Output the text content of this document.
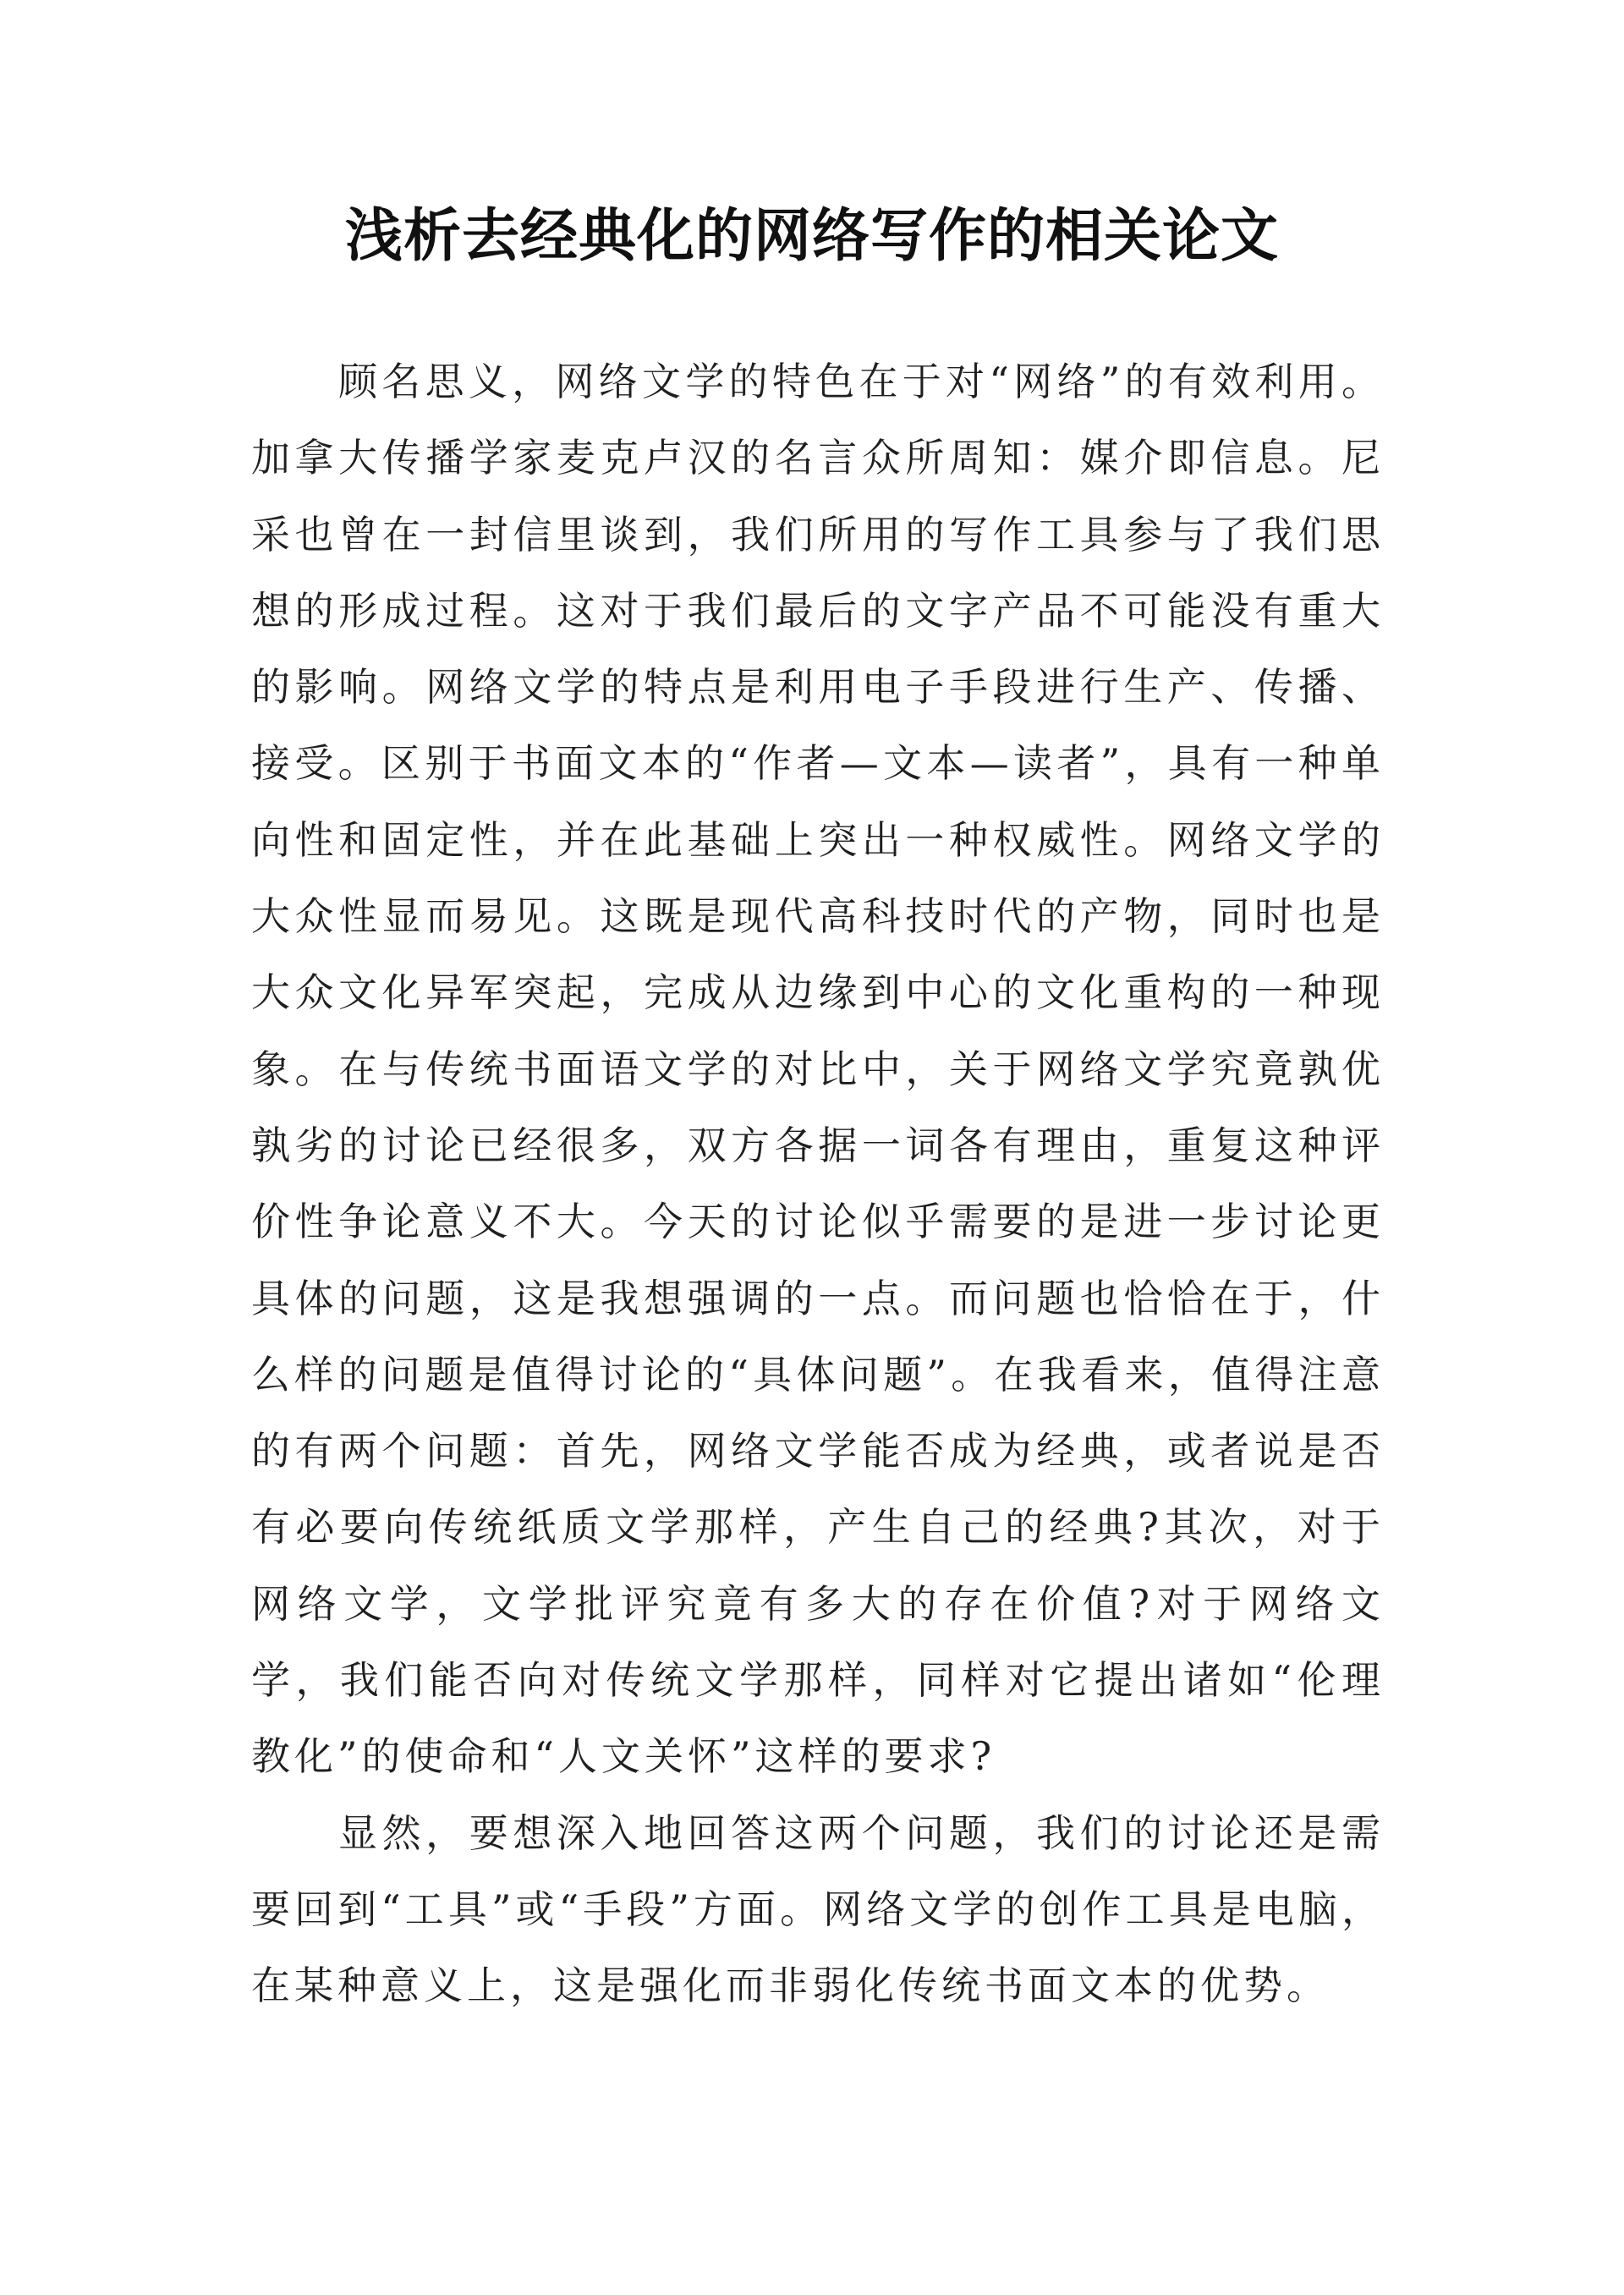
浅析去经典化的网络写作的相关论文

顾名思义，网络文学的特色在于对“网络”的有效利用。加拿大传播学家麦克卢汉的名言众所周知：媒介即信息。尼采也曾在一封信里谈到，我们所用的写作工具参与了我们思想的形成过程。这对于我们最后的文字产品不可能没有重大的影响。网络文学的特点是利用电子手段进行生产、传播、接受。区别于书面文本的“作者—文本—读者”，具有一种单向性和固定性，并在此基础上突出一种权威性。网络文学的大众性显而易见。这既是现代高科技时代的产物，同时也是大众文化异军突起，完成从边缘到中心的文化重构的一种现象。在与传统书面语文学的对比中，关于网络文学究竟孰优孰劣的讨论已经很多，双方各据一词各有理由，重复这种评价性争论意义不大。今天的讨论似乎需要的是进一步讨论更具体的问题，这是我想强调的一点。而问题也恰恰在于，什么样的问题是值得讨论的“具体问题”。在我看来，值得注意的有两个问题：首先，网络文学能否成为经典，或者说是否有必要向传统纸质文学那样，产生自己的经典?其次，对于网络文学，文学批评究竟有多大的存在价值?对于网络文学，我们能否向对传统文学那样，同样对它提出诸如“伦理教化”的使命和“人文关怀”这样的要求?

显然，要想深入地回答这两个问题，我们的讨论还是需要回到“工具”或“手段”方面。网络文学的创作工具是电脑，在某种意义上，这是强化而非弱化传统书面文本的优势。
